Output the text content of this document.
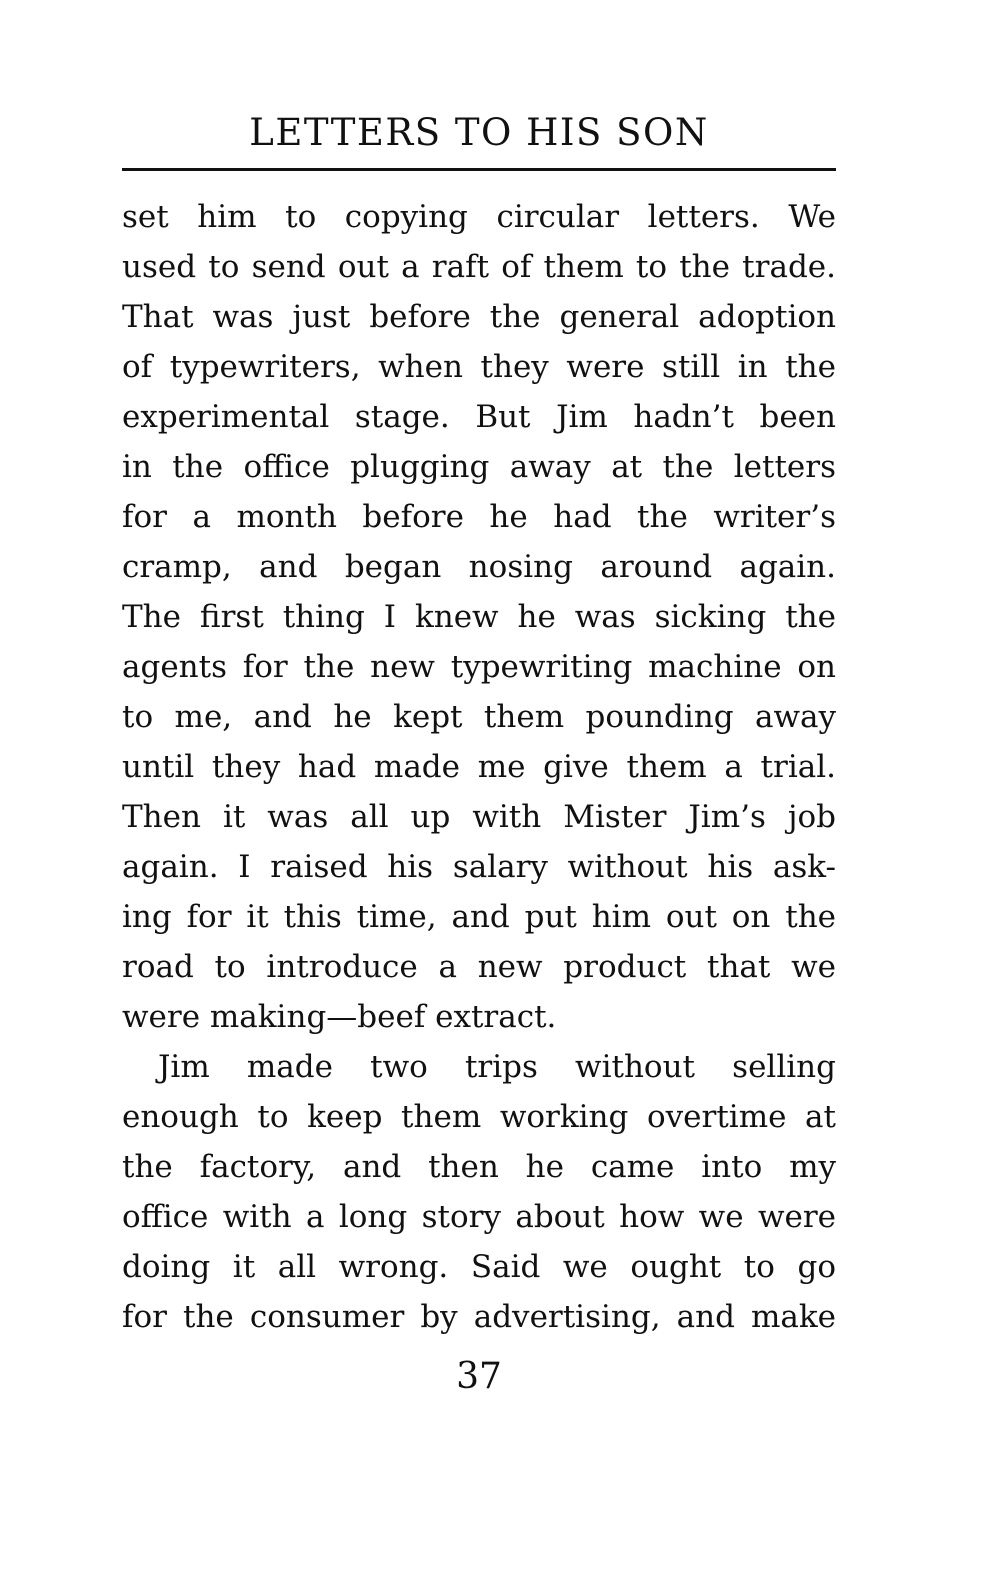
LETTERS TO HIS SON
set him to copying circular letters. We
used to send out a raft of them to the trade.
That was just before the general adoption
of typewriters, when they were still in the
experimental stage. But Jim hadn’t been
in the office plugging away at the letters
for a month before he had the writer’s
cramp, and began nosing around again.
The first thing I knew he was sicking the
agents for the new typewriting machine on
to me, and he kept them pounding away
until they had made me give them a trial.
Then it was all up with Mister Jim’s job
again. I raised his salary without his ask-
ing for it this time, and put him out on the
road to introduce a new product that we
were making—beef extract.
Jim made two trips without selling
enough to keep them working overtime at
the factory, and then he came into my
office with a long story about how we were
doing it all wrong. Said we ought to go
for the consumer by advertising, and make
37
